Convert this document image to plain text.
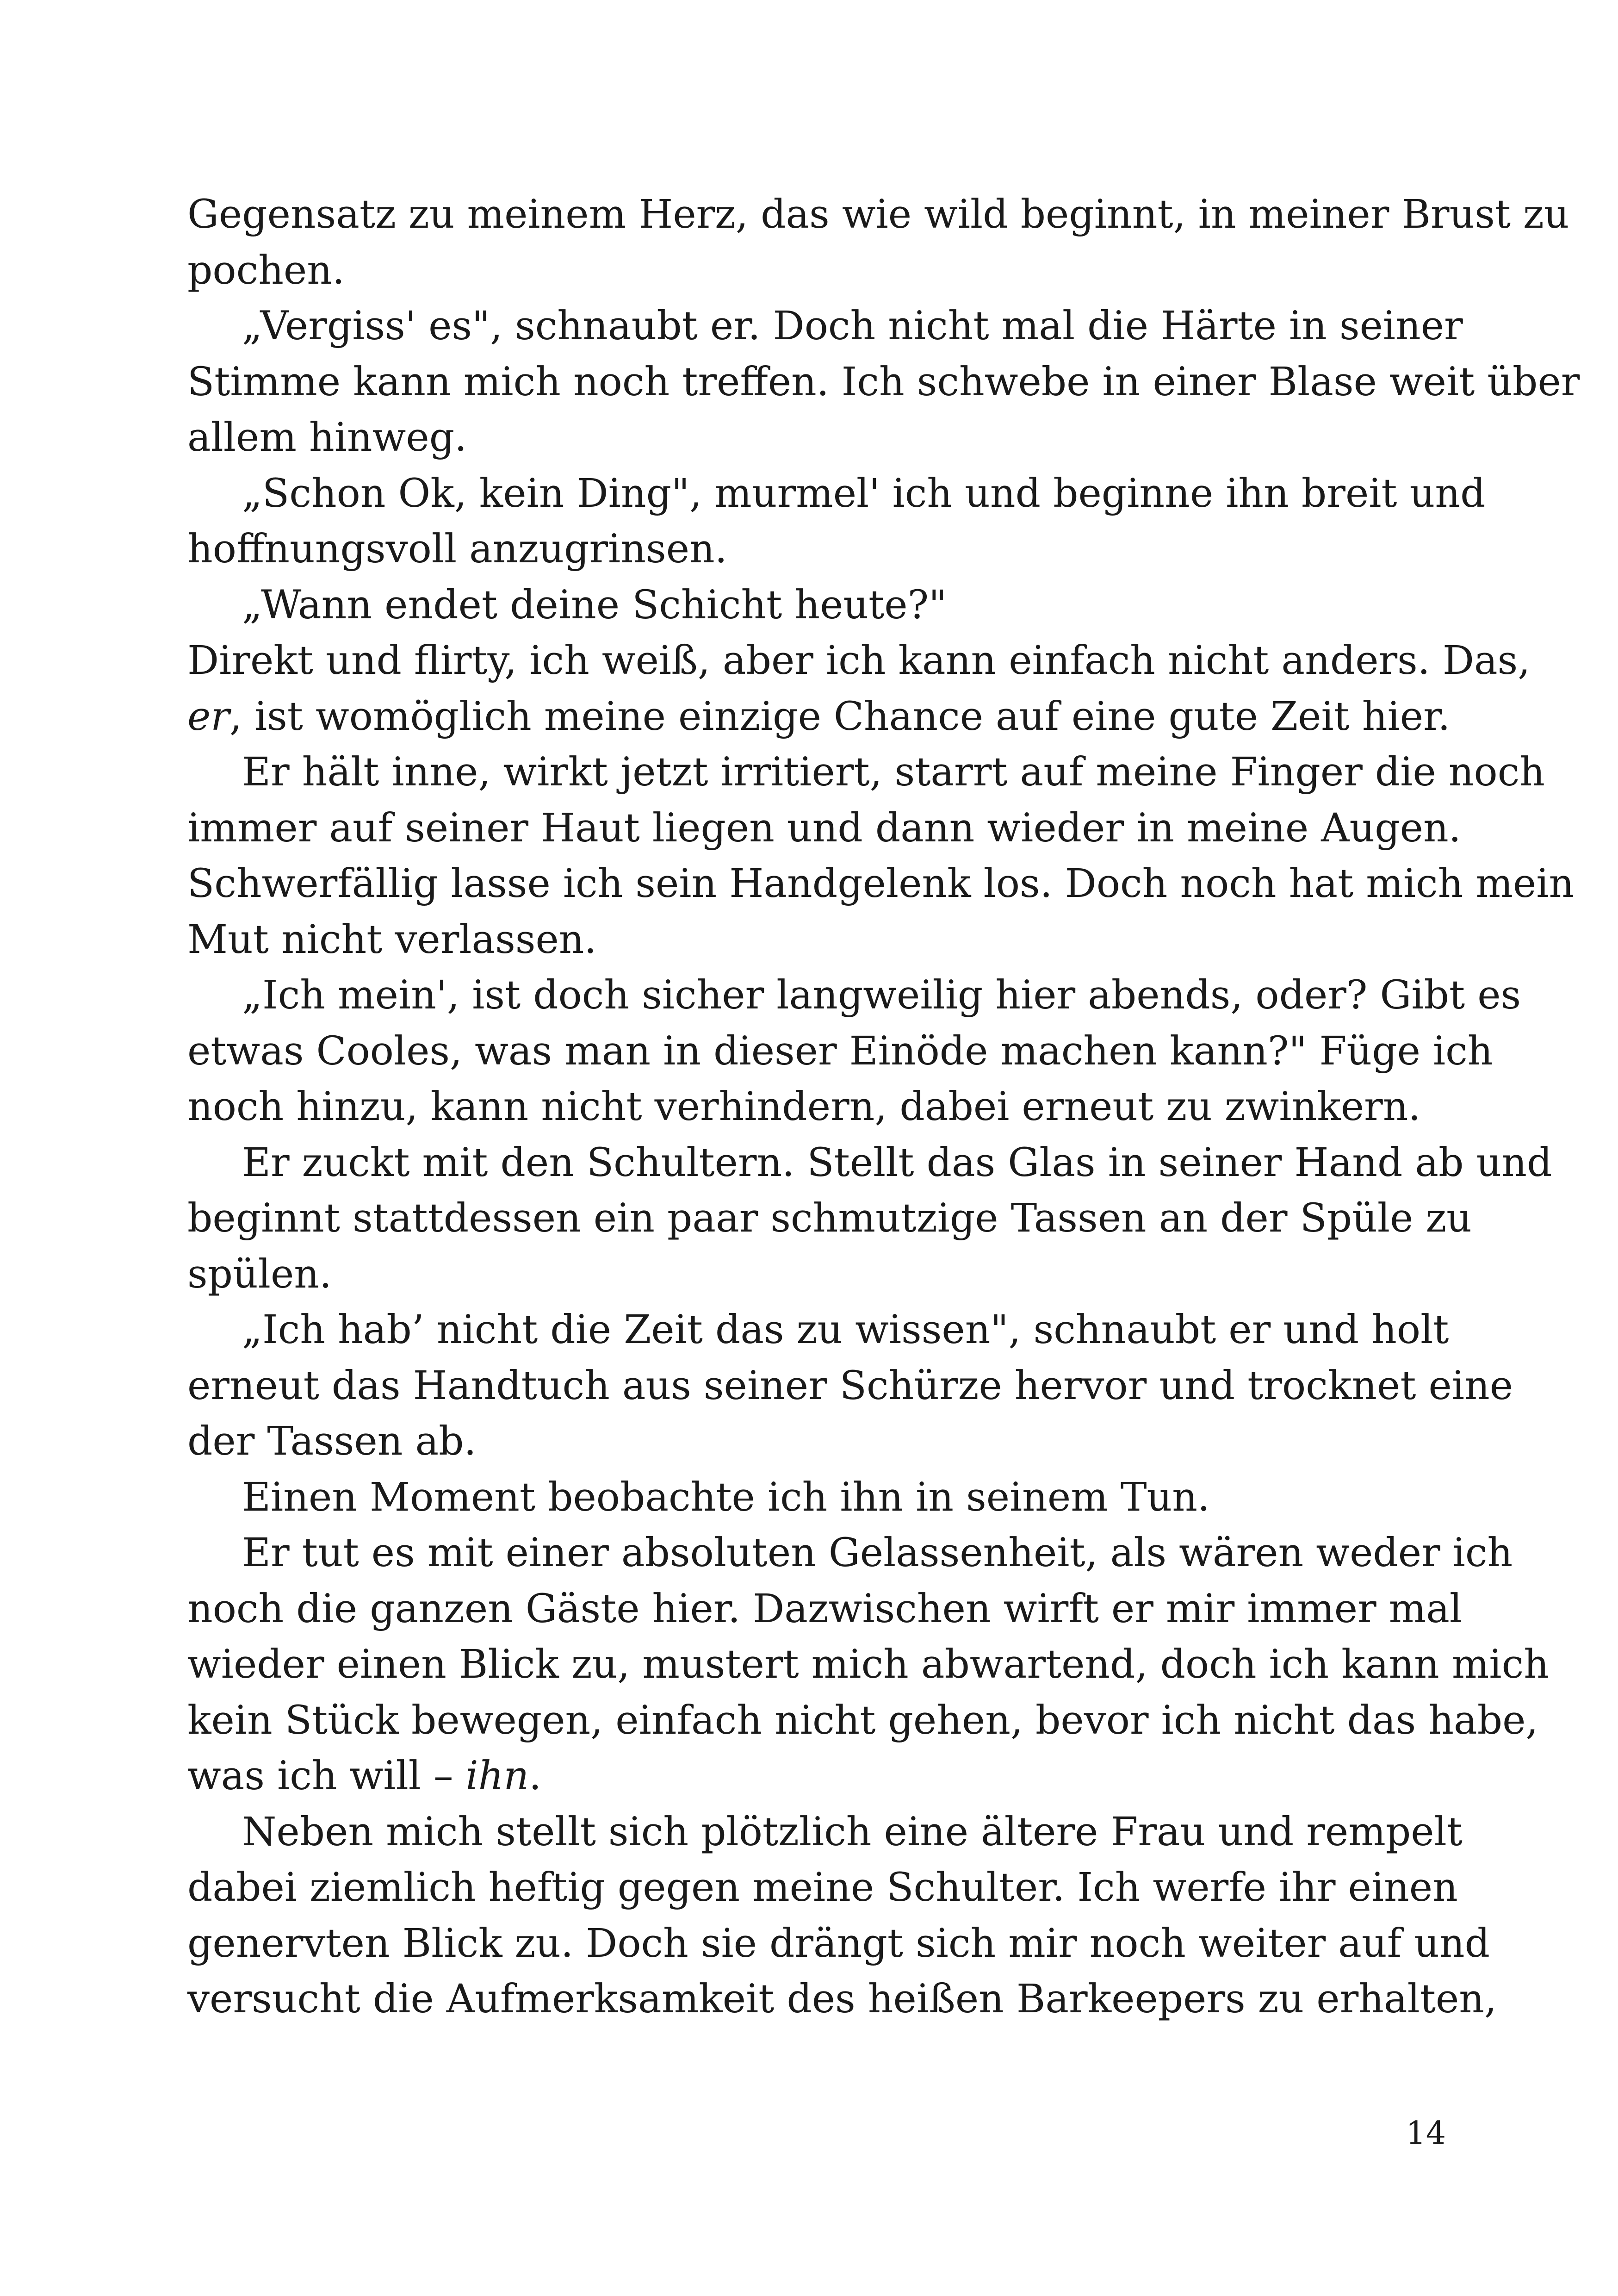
Gegensatz zu meinem Herz, das wie wild beginnt, in meiner Brust zu
pochen.
„Vergiss' es", schnaubt er. Doch nicht mal die Härte in seiner
Stimme kann mich noch treffen. Ich schwebe in einer Blase weit über
allem hinweg.
„Schon Ok, kein Ding", murmel' ich und beginne ihn breit und
hoffnungsvoll anzugrinsen.
„Wann endet deine Schicht heute?"
Direkt und flirty, ich weiß, aber ich kann einfach nicht anders. Das,
er, ist womöglich meine einzige Chance auf eine gute Zeit hier.
Er hält inne, wirkt jetzt irritiert, starrt auf meine Finger die noch
immer auf seiner Haut liegen und dann wieder in meine Augen.
Schwerfällig lasse ich sein Handgelenk los. Doch noch hat mich mein
Mut nicht verlassen.
„Ich mein', ist doch sicher langweilig hier abends, oder? Gibt es
etwas Cooles, was man in dieser Einöde machen kann?" Füge ich
noch hinzu, kann nicht verhindern, dabei erneut zu zwinkern.
Er zuckt mit den Schultern. Stellt das Glas in seiner Hand ab und
beginnt stattdessen ein paar schmutzige Tassen an der Spüle zu
spülen.
„Ich hab’ nicht die Zeit das zu wissen", schnaubt er und holt
erneut das Handtuch aus seiner Schürze hervor und trocknet eine
der Tassen ab.
Einen Moment beobachte ich ihn in seinem Tun.
Er tut es mit einer absoluten Gelassenheit, als wären weder ich
noch die ganzen Gäste hier. Dazwischen wirft er mir immer mal
wieder einen Blick zu, mustert mich abwartend, doch ich kann mich
kein Stück bewegen, einfach nicht gehen, bevor ich nicht das habe,
was ich will – ihn.
Neben mich stellt sich plötzlich eine ältere Frau und rempelt
dabei ziemlich heftig gegen meine Schulter. Ich werfe ihr einen
genervten Blick zu. Doch sie drängt sich mir noch weiter auf und
versucht die Aufmerksamkeit des heißen Barkeepers zu erhalten,
14
